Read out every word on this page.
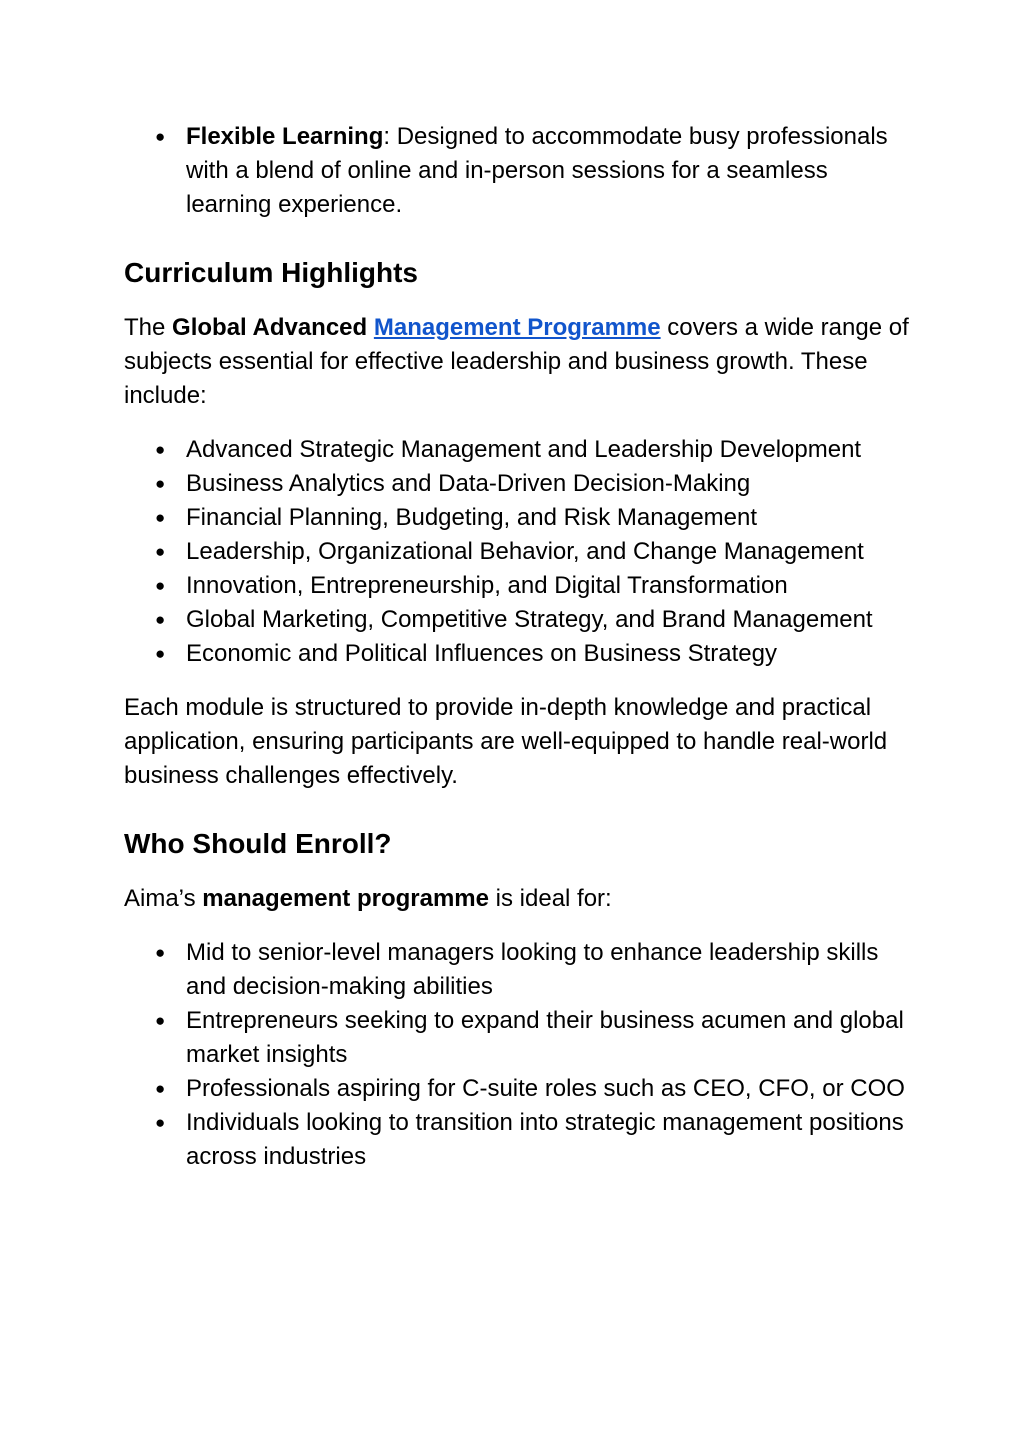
● Flexible Learning: Designed to accommodate busy professionals with a blend of online and in-person sessions for a seamless learning experience.
Curriculum Highlights

The Global Advanced Management Programme covers a wide range of subjects essential for effective leadership and business growth. These include:

● Advanced Strategic Management and Leadership Development
● Business Analytics and Data-Driven Decision-Making
● Financial Planning, Budgeting, and Risk Management
● Leadership, Organizational Behavior, and Change Management
● Innovation, Entrepreneurship, and Digital Transformation
● Global Marketing, Competitive Strategy, and Brand Management
● Economic and Political Influences on Business Strategy

Each module is structured to provide in-depth knowledge and practical application, ensuring participants are well-equipped to handle real-world business challenges effectively.

Who Should Enroll?

Aima’s management programme is ideal for:

● Mid to senior-level managers looking to enhance leadership skills and decision-making abilities
● Entrepreneurs seeking to expand their business acumen and global market insights
● Professionals aspiring for C-suite roles such as CEO, CFO, or COO
● Individuals looking to transition into strategic management positions across industries
